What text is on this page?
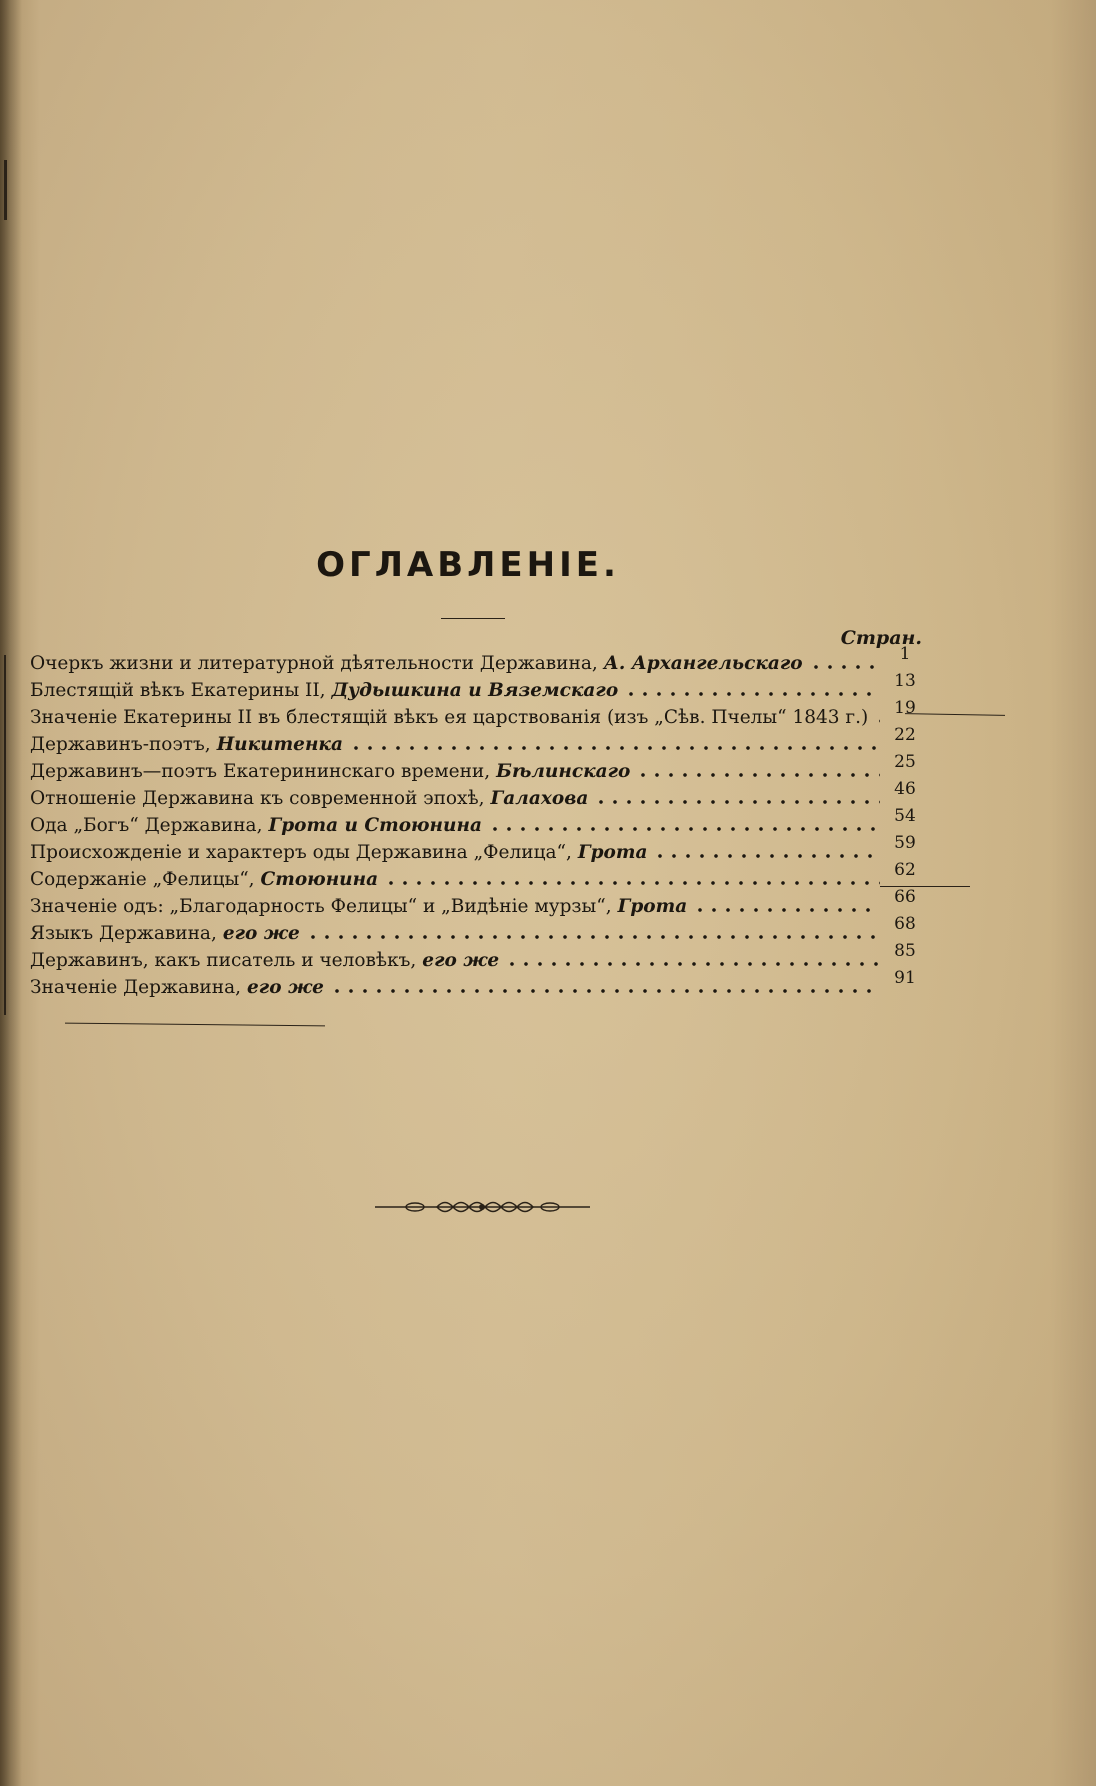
ОГЛАВЛЕНІЕ.
Стран.
Очеркъ жизни и литературной дѣятельности Державина, А. Архангельскаго	1
Блестящій вѣкъ Екатерины II, Дудышкина и Вяземскаго	13
Значеніе Екатерины II въ блестящій вѣкъ ея царствованія (изъ „Сѣв. Пчелы“ 1843 г.)	19
Державинъ-поэтъ, Никитенка	22
Державинъ—поэтъ Екатерининскаго времени, Бѣлинскаго	25
Отношеніе Державина къ современной эпохѣ, Галахова	46
Ода „Богъ“ Державина, Грота и Стоюнина	54
Происхожденіе и характеръ оды Державина „Фелица“, Грота	59
Содержаніе „Фелицы“, Стоюнина	62
Значеніе одъ: „Благодарность Фелицы“ и „Видѣніе мурзы“, Грота	66
Языкъ Державина, его же	68
Державинъ, какъ писатель и человѣкъ, его же	85
Значеніе Державина, его же	91
